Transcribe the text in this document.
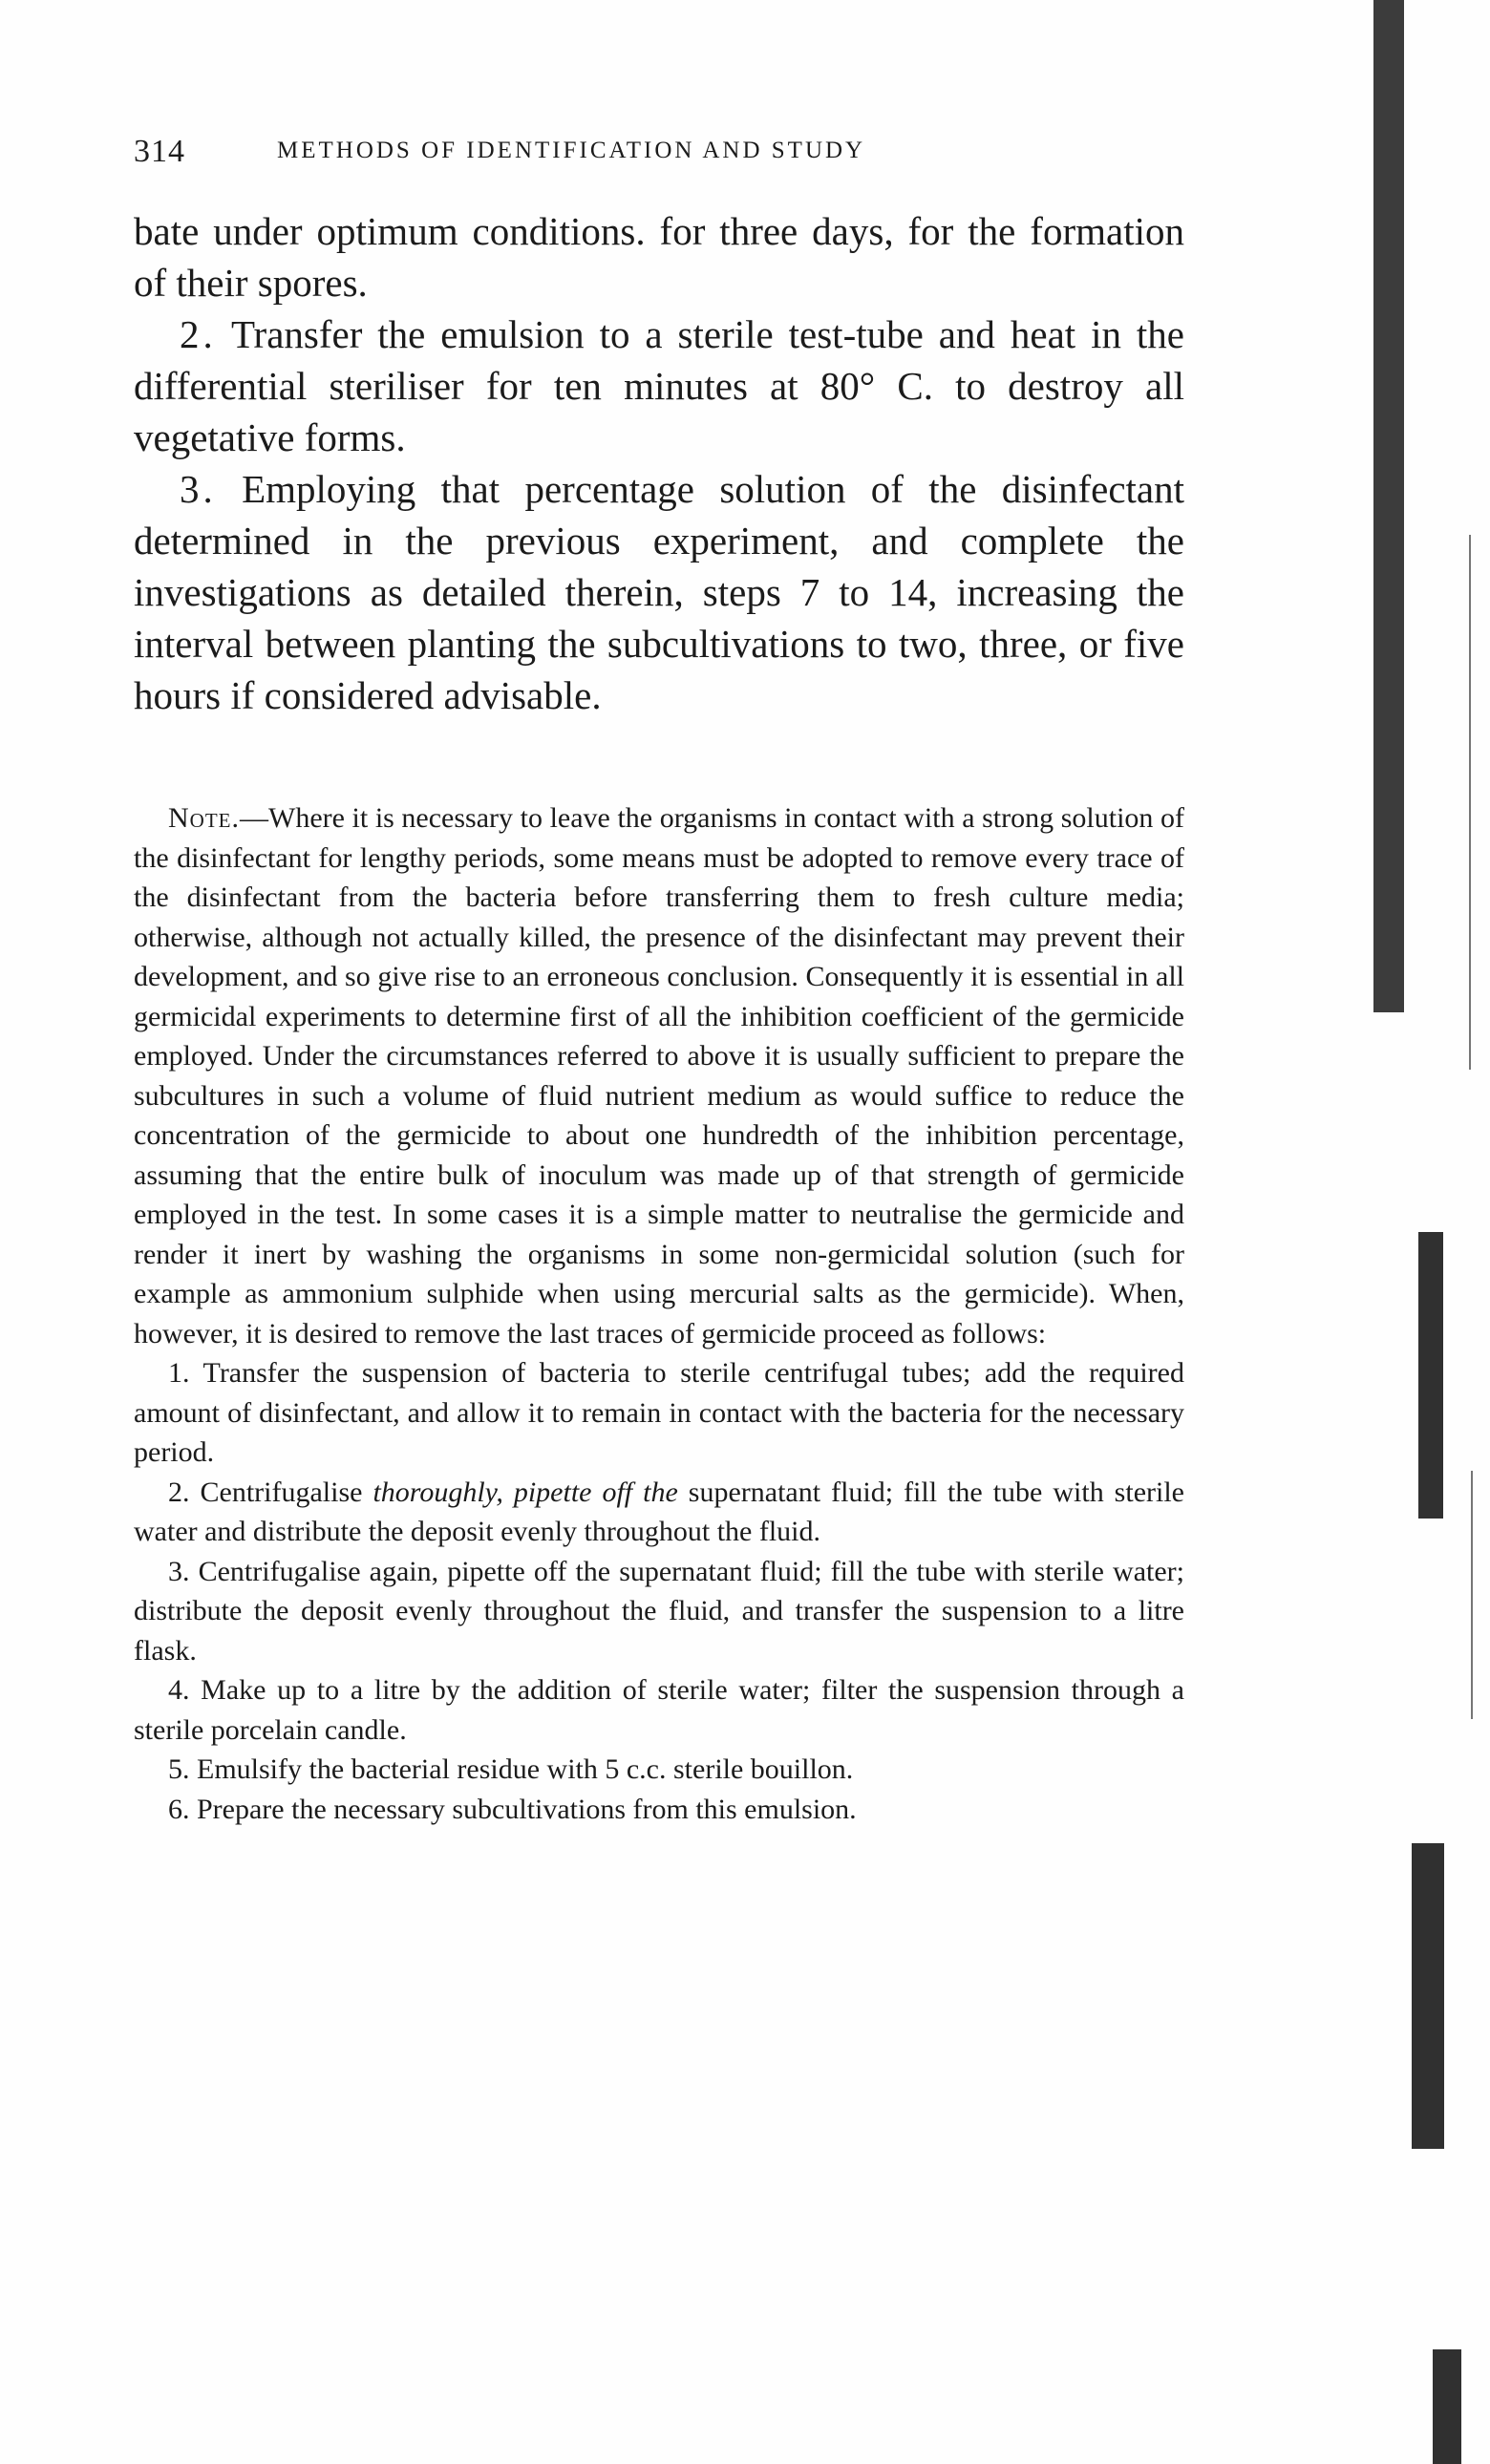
314	METHODS OF IDENTIFICATION AND STUDY

bate under optimum conditions. for three days, for the formation of their spores.

2. Transfer the emulsion to a sterile test-tube and heat in the differential steriliser for ten minutes at 80° C. to destroy all vegetative forms.

3. Employing that percentage solution of the disinfectant determined in the previous experiment, and complete the investigations as detailed therein, steps 7 to 14, increasing the interval between planting the subcultivations to two, three, or five hours if considered advisable.

Note.—Where it is necessary to leave the organisms in contact with a strong solution of the disinfectant for lengthy periods, some means must be adopted to remove every trace of the disinfectant from the bacteria before transferring them to fresh culture media; otherwise, although not actually killed, the presence of the disinfectant may prevent their development, and so give rise to an erroneous conclusion. Consequently it is essential in all germicidal experiments to determine first of all the inhibition coefficient of the germicide employed. Under the circumstances referred to above it is usually sufficient to prepare the subcultures in such a volume of fluid nutrient medium as would suffice to reduce the concentration of the germicide to about one hundredth of the inhibition percentage, assuming that the entire bulk of inoculum was made up of that strength of germicide employed in the test. In some cases it is a simple matter to neutralise the germicide and render it inert by washing the organisms in some non-germicidal solution (such for example as ammonium sulphide when using mercurial salts as the germicide). When, however, it is desired to remove the last traces of germicide proceed as follows:

1. Transfer the suspension of bacteria to sterile centrifugal tubes; add the required amount of disinfectant, and allow it to remain in contact with the bacteria for the necessary period.

2. Centrifugalise thoroughly, pipette off the supernatant fluid; fill the tube with sterile water and distribute the deposit evenly throughout the fluid.

3. Centrifugalise again, pipette off the supernatant fluid; fill the tube with sterile water; distribute the deposit evenly throughout the fluid, and transfer the suspension to a litre flask.

4. Make up to a litre by the addition of sterile water; filter the suspension through a sterile porcelain candle.

5. Emulsify the bacterial residue with 5 c.c. sterile bouillon.

6. Prepare the necessary subcultivations from this emulsion.
